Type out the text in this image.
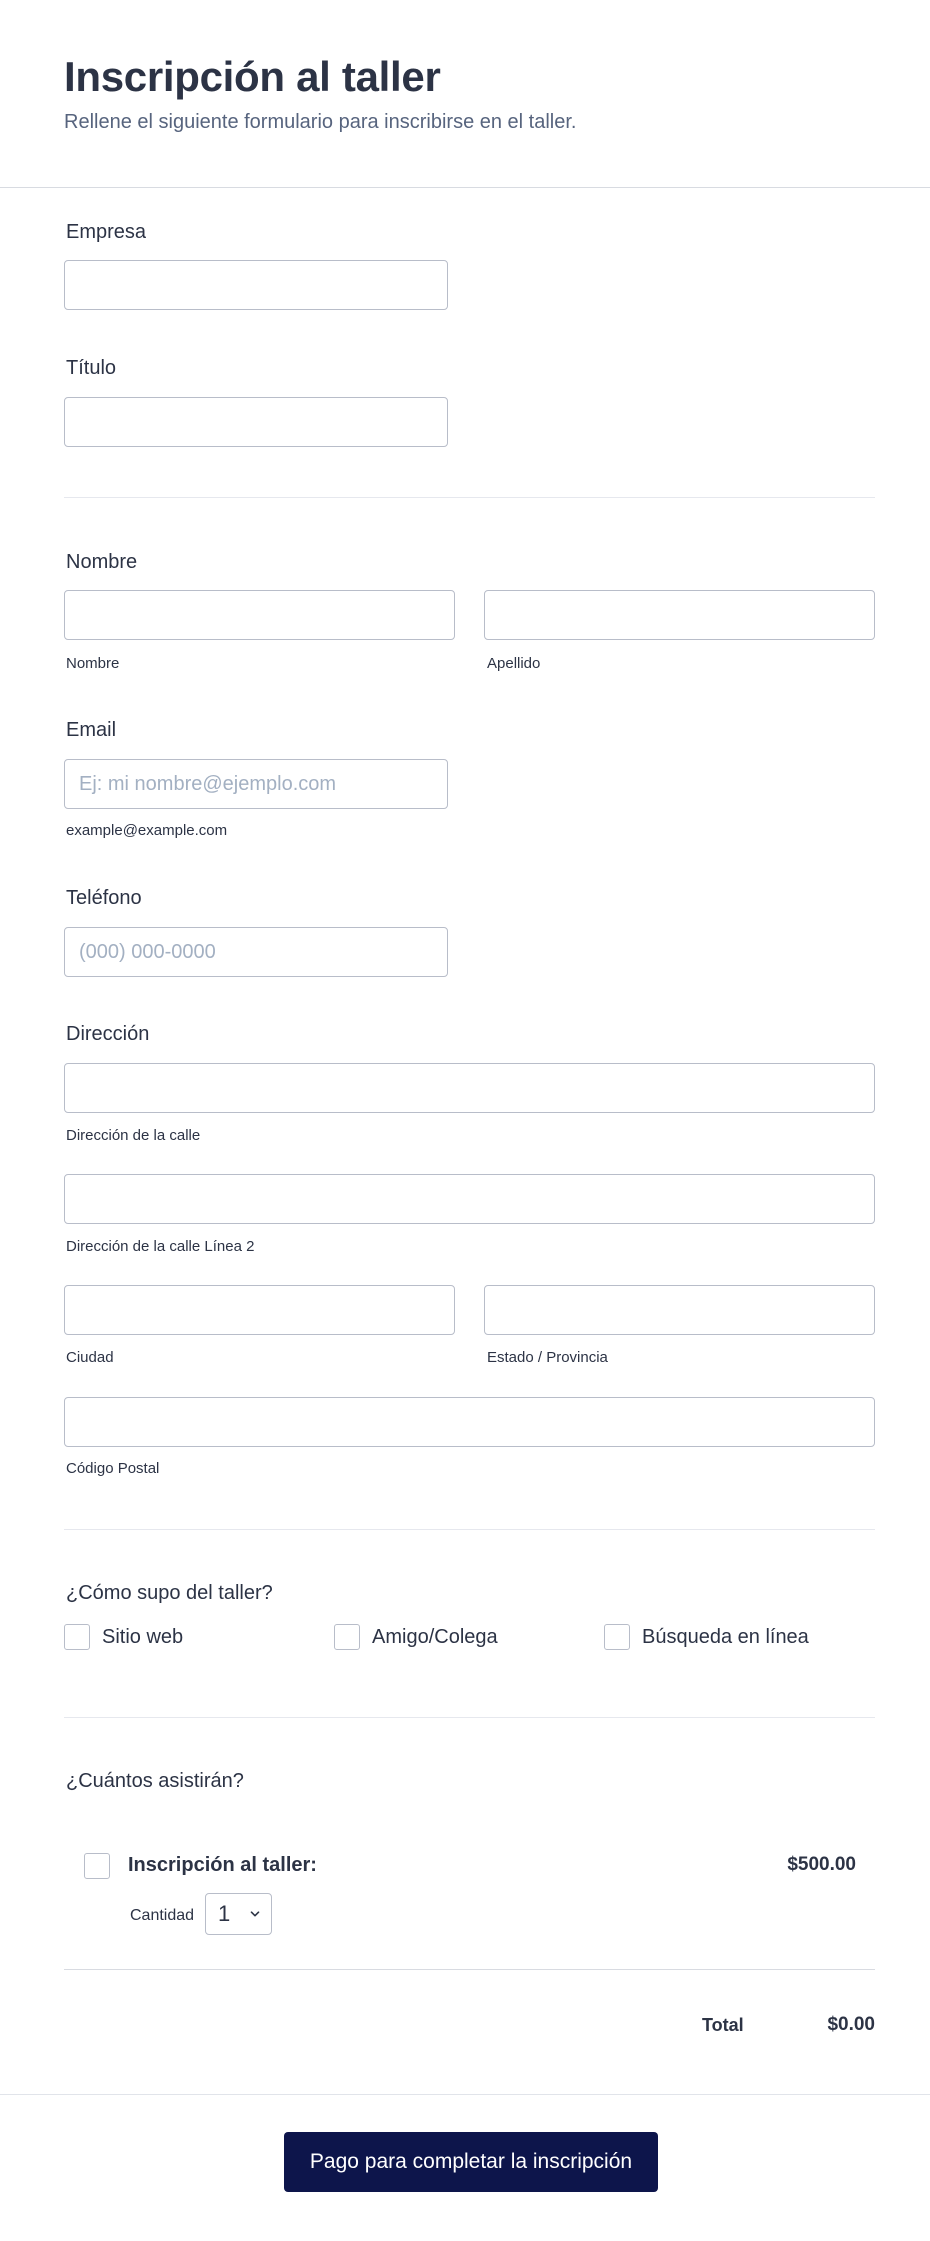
Inscripción al taller

Rellene el siguiente formulario para inscribirse en el taller.

Empresa
Título
Nombre
Nombre	Apellido
Email
Ej: mi nombre@ejemplo.com
example@example.com
Teléfono
(000) 000-0000
Dirección
Dirección de la calle
Dirección de la calle Línea 2
Ciudad	Estado / Provincia
Código Postal
¿Cómo supo del taller?
Sitio web	Amigo/Colega	Búsqueda en línea
¿Cuántos asistirán?
Inscripción al taller:	$500.00
Cantidad 1
Total	$0.00
Pago para completar la inscripción
